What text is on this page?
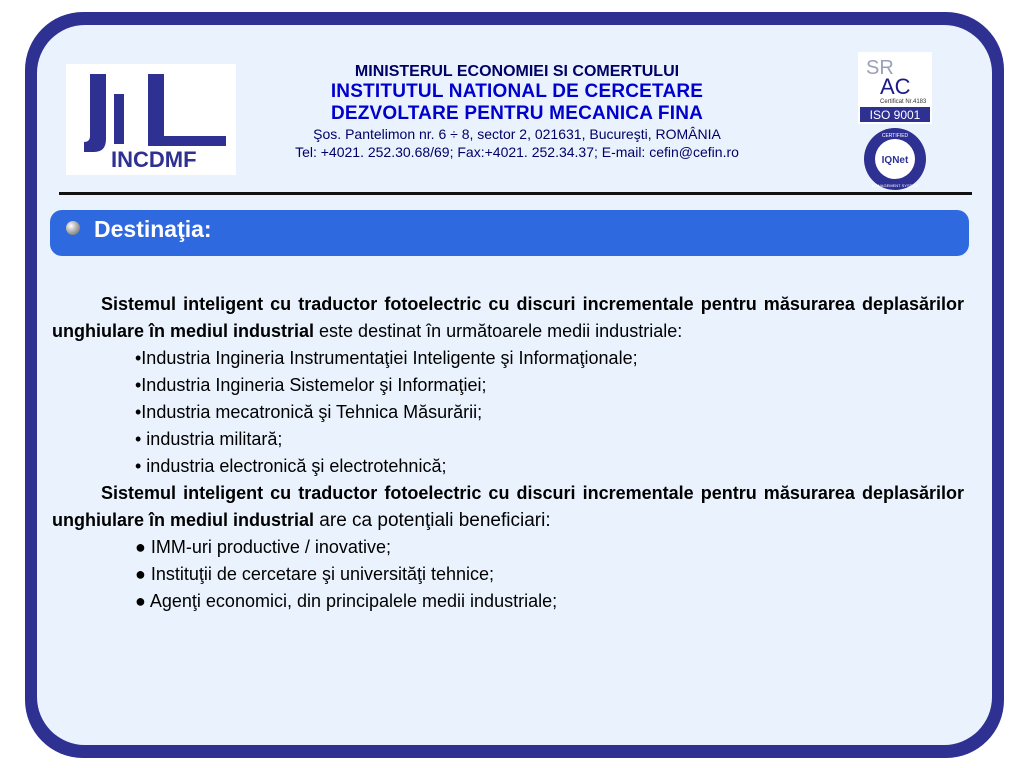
INCDMF
MINISTERUL ECONOMIEI SI COMERTULUI
INSTITUTUL NATIONAL DE CERCETARE
DEZVOLTARE PENTRU MECANICA FINA
Şos. Pantelimon nr. 6 ÷ 8, sector 2, 021631, Bucureşti, ROMÂNIA
Tel: +4021. 252.30.68/69; Fax:+4021. 252.34.37; E-mail: cefin@cefin.ro
SR
AC
Certificat Nr.4183
ISO 9001
IQNet
CERTIFIED
MANAGEMENT SYSTEM
Destinaţia:

Sistemul inteligent cu traductor fotoelectric cu discuri incrementale pentru măsurarea deplasărilor unghiulare în mediul industrial este destinat în următoarele medii industriale:

•Industria Ingineria Instrumentaţiei Inteligente şi Informaţionale;
•Industria Ingineria Sistemelor şi Informaţiei;
•Industria mecatronică şi Tehnica Măsurării;
• industria militară;
• industria electronică şi electrotehnică;

Sistemul inteligent cu traductor fotoelectric cu discuri incrementale pentru măsurarea deplasărilor unghiulare în mediul industrial are ca potenţiali beneficiari:

● IMM-uri productive / inovative;
● Instituţii de cercetare şi universităţi tehnice;
● Agenţi economici, din principalele medii industriale;
